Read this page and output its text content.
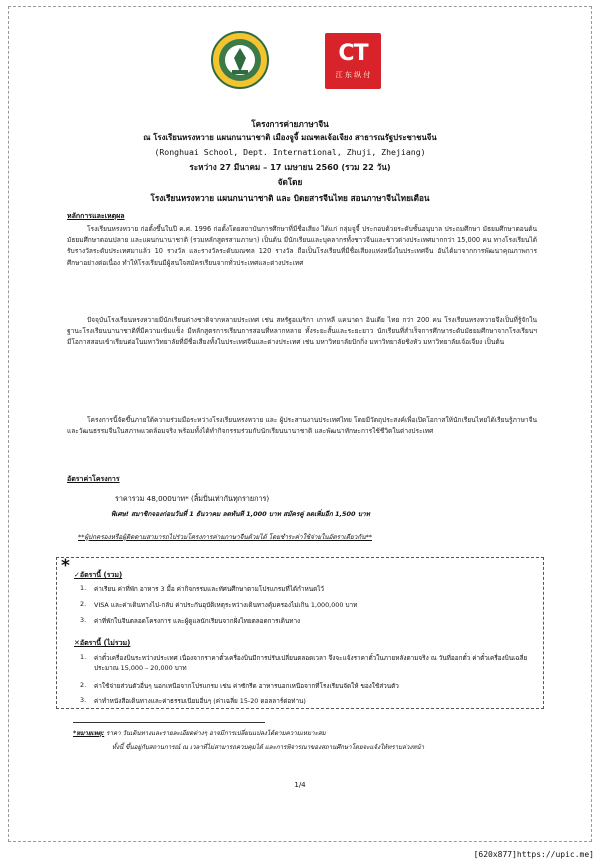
CT
江 东 纵 付
โครงการค่ายภาษาจีน
ณ โรงเรียนหรงหวาย แผนกนานาชาติ เมืองจูจี้ มณฑลเจ้อเจียง สาธารณรัฐประชาชนจีน
(Ronghuai School, Dept. International, Zhuji, Zhejiang)
ระหว่าง 27 มีนาคม – 17 เมษายน 2560 (รวม 22 วัน)
จัดโดย
โรงเรียนหรงหวาย แผนกนานาชาติ และ บิดยสารจีนไทย สอนภาษาจีนไทยเตือน
หลักการและเหตุผล
โรงเรียนหรงหวาย ก่อตั้งขึ้นในปี ค.ศ. 1996 ก่อตั้งโดยสถาบันการศึกษาที่มีชื่อเสียง ได้แก่ กลุ่มจูจี้ ประกอบด้วยระดับชั้นอนุบาล ประถมศึกษา มัธยมศึกษาตอนต้น มัธยมศึกษาตอนปลาย และแผนกนานาชาติ (รวมหลักสูตรสามภาษา) เป็นต้น มีนักเรียนและบุคลากรทั้งชาวจีนและชาวต่างประเทศมากกว่า 15,000 คน ทางโรงเรียนได้รับรางวัลระดับประเทศมาแล้ว 10 รางวัล และรางวัลระดับมณฑล 120 รางวัล ถือเป็นโรงเรียนที่มีชื่อเสียงแห่งหนึ่งในประเทศจีน อันได้มาจากการพัฒนาคุณภาพการศึกษาอย่างต่อเนื่อง ทำให้โรงเรียนมีผู้สนใจสมัครเรียนจากทั่วประเทศและต่างประเทศ
ปัจจุบันโรงเรียนหรงหวายมีนักเรียนต่างชาติจากหลายประเทศ เช่น สหรัฐอเมริกา เกาหลี แคนาดา อินเดีย ไทย กว่า 200 คน โรงเรียนหรงหวายจึงเป็นที่รู้จักในฐานะโรงเรียนนานาชาติที่มีความเข้มแข็ง มีหลักสูตรการเรียนการสอนที่หลากหลาย ทั้งระยะสั้นและระยะยาว นักเรียนที่สำเร็จการศึกษาระดับมัธยมศึกษาจากโรงเรียนฯ มีโอกาสสอบเข้าเรียนต่อในมหาวิทยาลัยที่มีชื่อเสียงทั้งในประเทศจีนและต่างประเทศ เช่น มหาวิทยาลัยปักกิ่ง มหาวิทยาลัยชิงหัว มหาวิทยาลัยเจ้อเจียง เป็นต้น
โครงการนี้จัดขึ้นภายใต้ความร่วมมือระหว่างโรงเรียนหรงหวาย และ ผู้ประสานงานประเทศไทย โดยมีวัตถุประสงค์เพื่อเปิดโอกาสให้นักเรียนไทยได้เรียนรู้ภาษาจีนและวัฒนธรรมจีนในสภาพแวดล้อมจริง พร้อมทั้งได้ทำกิจกรรมร่วมกับนักเรียนนานาชาติ และพัฒนาทักษะการใช้ชีวิตในต่างประเทศ
อัตราค่าโครงการ
ราคารวม 48,000บาท* (ลิ้มปั่นเท่ากันทุกรายการ)
พิเศษ! สมาชิกจองก่อนวันที่ 1 ธันวาคม ลดทันที 1,000 บาท สมัครคู่ ลดเพิ่มอีก 1,500 บาท
**ผู้ปกครองหรือผู้ติดตามสามารถไปร่วมโครงการค่ายภาษาจีนด้วยได้ โดยชำระค่าใช้จ่ายในอัตราเดียวกัน**
* ✓อัตรานี้ (รวม)
1. ค่าเรียน ค่าที่พัก อาหาร 3 มื้อ ค่ากิจกรรมและทัศนศึกษาตามโปรแกรมที่ได้กำหนดไว้
2. VISA และค่าเดินทางไป-กลับ ค่าประกันอุบัติเหตุระหว่างเดินทางคุ้มครองไม่เกิน 1,000,000 บาท
3. ค่าที่พักในจีนตลอดโครงการ และผู้ดูแลนักเรียนจากฝั่งไทยตลอดการเดินทาง
✕อัตรานี้ (ไม่รวม)
1. ค่าตั๋วเครื่องบินระหว่างประเทศ เนื่องจากราคาตั๋วเครื่องบินมีการปรับเปลี่ยนตลอดเวลา จึงจะแจ้งราคาตั๋วในภายหลังตามจริง ณ วันที่ออกตั๋ว ค่าตั๋วเครื่องบินเฉลี่ยประมาณ 15,000 – 20,000 บาท
2. ค่าใช้จ่ายส่วนตัวอื่นๆ นอกเหนือจากโปรแกรม เช่น ค่าซักรีด อาหารนอกเหนือจากที่โรงเรียนจัดให้ ของใช้ส่วนตัว
3. ค่าทำหนังสือเดินทางและค่าธรรมเนียมอื่นๆ (ค่าเฉลี่ย 15-20 ดอลลาร์ต่อท่าน)
*หมายเหตุ: ราคา วันเดินทางและรายละเอียดต่างๆ อาจมีการเปลี่ยนแปลงได้ตามความเหมาะสม
ทั้งนี้ ขึ้นอยู่กับสถานการณ์ ณ เวลาที่ไม่สามารถควบคุมได้ และการพิจารณาของสถานศึกษาโดยจะแจ้งให้ทราบล่วงหน้า
1/4
[620x877]https://upic.me]
